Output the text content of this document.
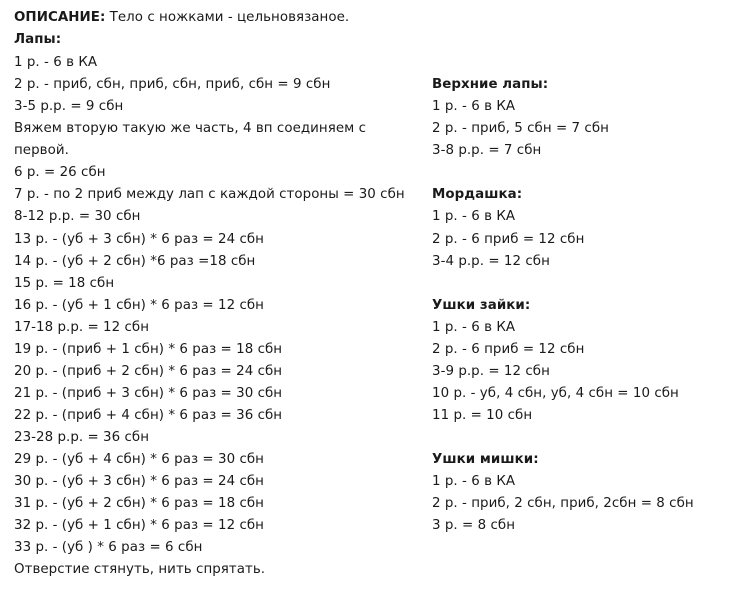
ОПИСАНИЕ: Тело с ножками - цельновязаное.
Лапы:
1 р. - 6 в КА
2 р. - приб, сбн, приб, сбн, приб, сбн = 9 сбн
3-5 р.р. = 9 сбн
Вяжем вторую такую же часть, 4 вп соединяем с
первой.
6 р. = 26 сбн
7 р. - по 2 приб между лап с каждой стороны = 30 сбн
8-12 р.р. = 30 сбн
13 р. - (уб + 3 сбн) * 6 раз = 24 сбн
14 р. - (уб + 2 сбн) *6 раз =18 сбн
15 р. = 18 сбн
16 р. - (уб + 1 сбн) * 6 раз = 12 сбн
17-18 р.р. = 12 сбн
19 р. - (приб + 1 сбн) * 6 раз = 18 сбн
20 р. - (приб + 2 сбн) * 6 раз = 24 сбн
21 р. - (приб + 3 сбн) * 6 раз = 30 сбн
22 р. - (приб + 4 сбн) * 6 раз = 36 сбн
23-28 р.р. = 36 сбн
29 р. - (уб + 4 сбн) * 6 раз = 30 сбн
30 р. - (уб + 3 сбн) * 6 раз = 24 сбн
31 р. - (уб + 2 сбн) * 6 раз = 18 сбн
32 р. - (уб + 1 сбн) * 6 раз = 12 сбн
33 р. - (уб ) * 6 раз = 6 сбн
Отверстие стянуть, нить спрятать.
Верхние лапы:
1 р. - 6 в КА
2 р. - приб, 5 сбн = 7 сбн
3-8 р.р. = 7 сбн
Мордашка:
1 р. - 6 в КА
2 р. - 6 приб = 12 сбн
3-4 р.р. = 12 сбн
Ушки зайки:
1 р. - 6 в КА
2 р. - 6 приб = 12 сбн
3-9 р.р. = 12 сбн
10 р. - уб, 4 сбн, уб, 4 сбн = 10 сбн
11 р. = 10 сбн
Ушки мишки:
1 р. - 6 в КА
2 р. - приб, 2 сбн, приб, 2сбн = 8 сбн
3 р. = 8 сбн
